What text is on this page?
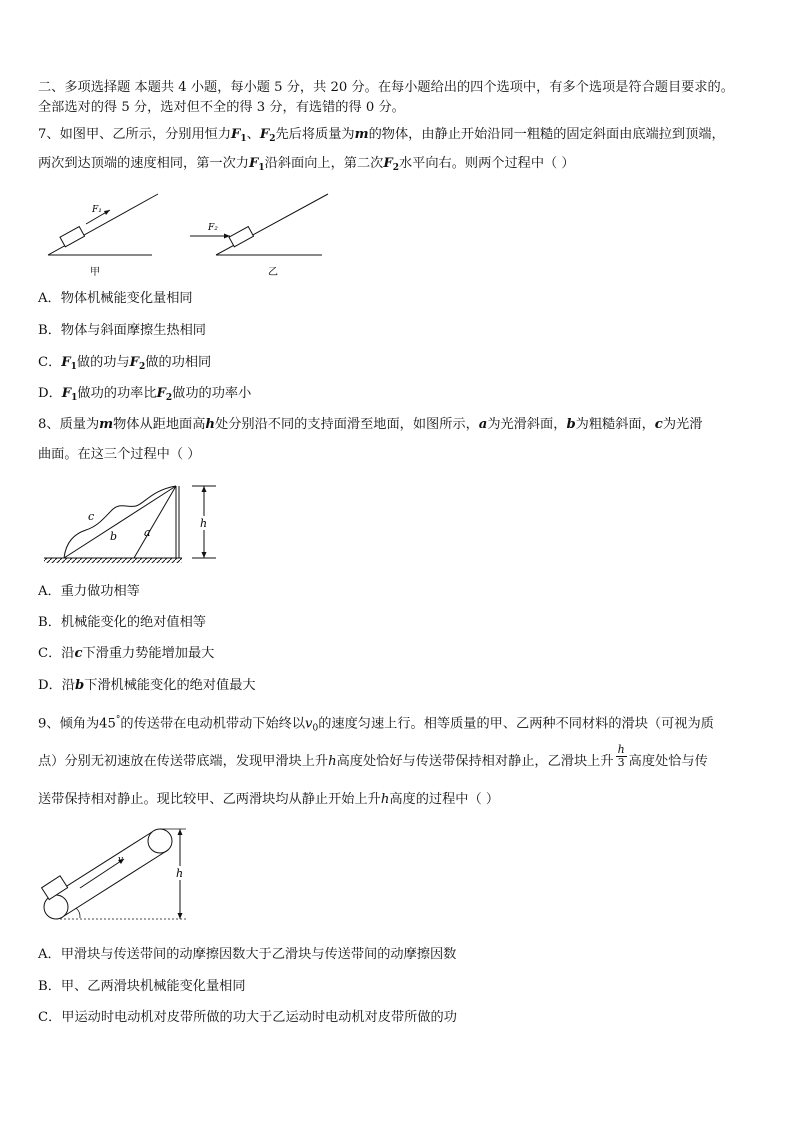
二、多项选择题 本题共 4 小题，每小题 5 分，共 20 分。在每小题给出的四个选项中，有多个选项是符合题目要求的。
全部选对的得 5 分，选对但不全的得 3 分，有选错的得 0 分。
7、如图甲、乙所示，分别用恒力$F_1$、$F_2$先后将质量为m的物体，由静止开始沿同一粗糙的固定斜面由底端拉到顶端，
两次到达顶端的速度相同，第一次力$F_1$沿斜面向上，第二次$F_2$水平向右。则两个过程中（ ）
F₁
甲
F₂
乙
A．物体机械能变化量相同
B．物体与斜面摩擦生热相同
C．$F_1$做的功与$F_2$做的功相同
D．$F_1$做功的功率比$F_2$做功的功率小
8、质量为m物体从距地面高h处分别沿不同的支持面滑至地面，如图所示，a为光滑斜面，b为粗糙斜面，c为光滑
曲面。在这三个过程中（ ）
c
b a
h
A．重力做功相等
B．机械能变化的绝对值相等
C．沿c下滑重力势能增加最大
D．沿b下滑机械能变化的绝对值最大
9、倾角为45°的传送带在电动机带动下始终以$v_0$的速度匀速上行。相等质量的甲、乙两种不同材料的滑块（可视为质
点）分别无初速放在传送带底端，发现甲滑块上升h高度处恰好与传送带保持相对静止，乙滑块上升 $\frac{h}{3}$ 高度处恰与传
送带保持相对静止。现比较甲、乙两滑块均从静止开始上升h高度的过程中（ ）
v
h
A．甲滑块与传送带间的动摩擦因数大于乙滑块与传送带间的动摩擦因数
B．甲、乙两滑块机械能变化量相同
C．甲运动时电动机对皮带所做的功大于乙运动时电动机对皮带所做的功
